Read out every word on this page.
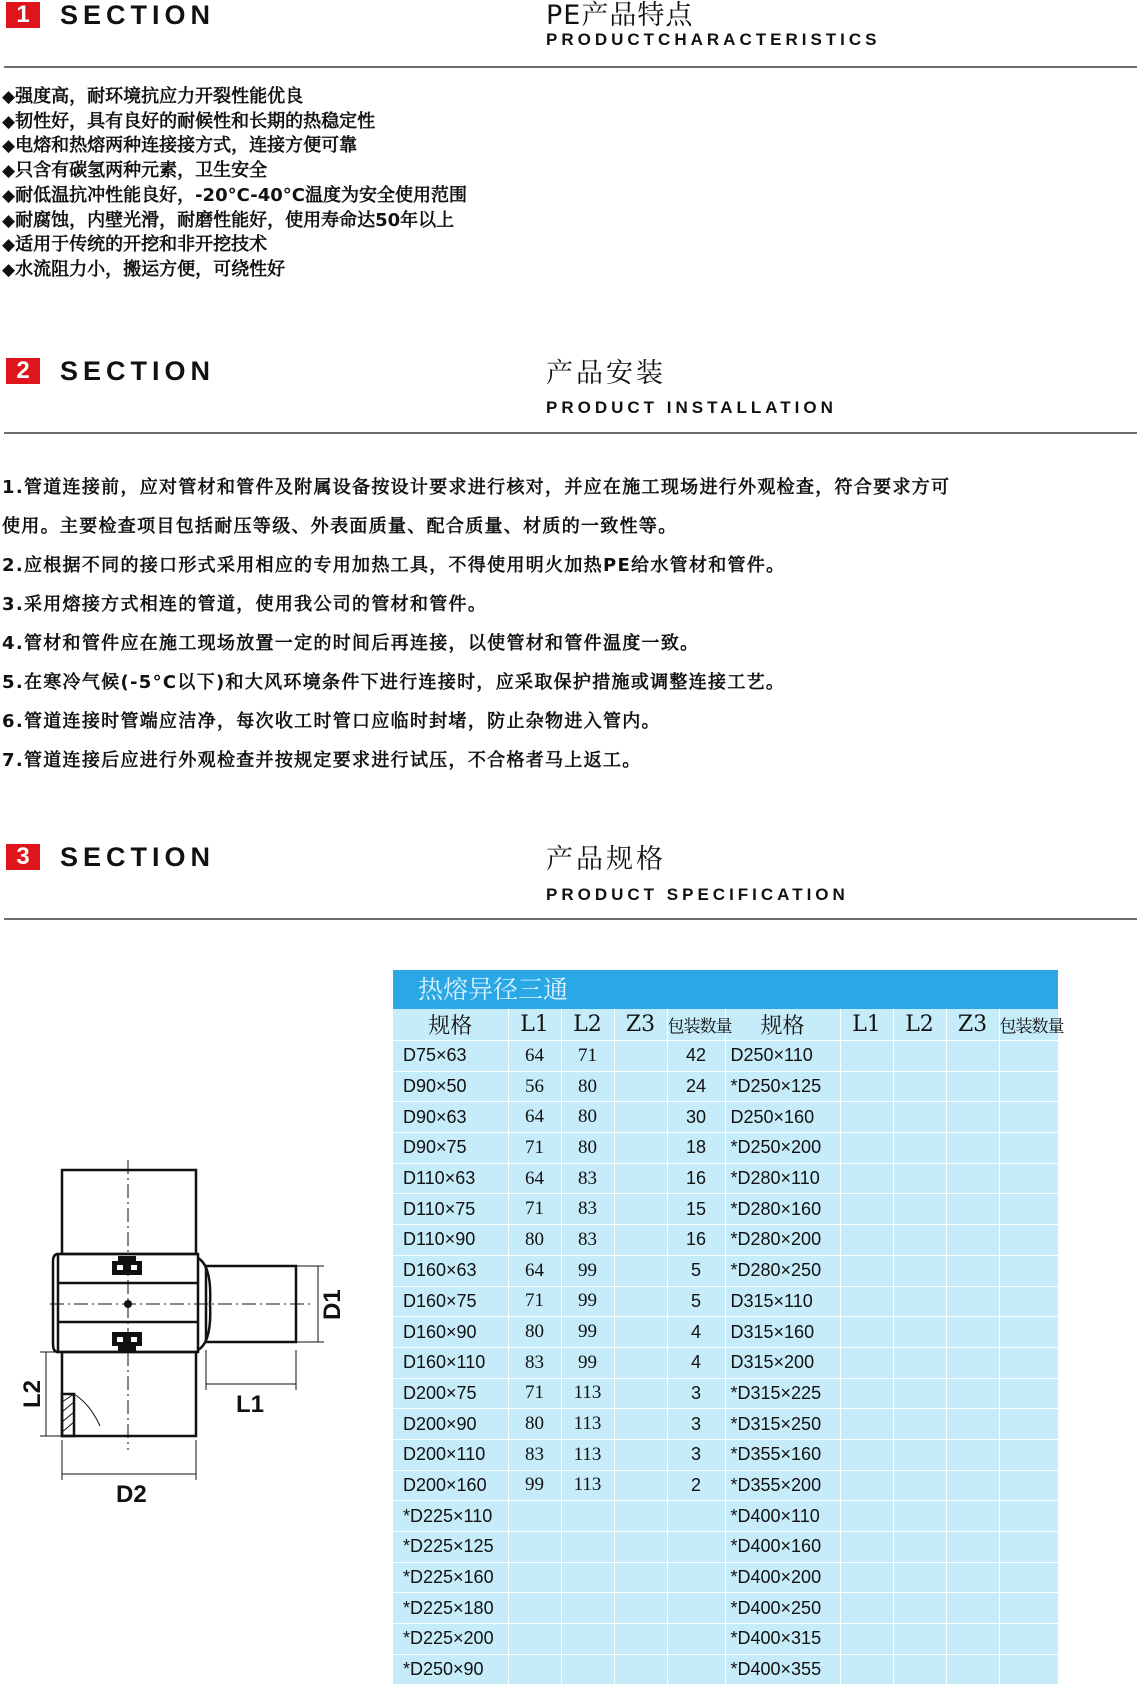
1	SECTION	PE产品特点
PRODUCTCHARACTERISTICS
◆强度高，耐环境抗应力开裂性能优良
◆韧性好，具有良好的耐候性和长期的热稳定性
◆电熔和热熔两种连接接方式，连接方便可靠
◆只含有碳氢两种元素，卫生安全
◆耐低温抗冲性能良好，-20°C-40°C温度为安全使用范围
◆耐腐蚀，内壁光滑，耐磨性能好，使用寿命达50年以上
◆适用于传统的开挖和非开挖技术
◆水流阻力小，搬运方便，可绕性好
2	SECTION	产品安装
PRODUCT INSTALLATION
1.管道连接前，应对管材和管件及附属设备按设计要求进行核对，并应在施工现场进行外观检查，符合要求方可
使用。主要检查项目包括耐压等级、外表面质量、配合质量、材质的一致性等。
2.应根据不同的接口形式采用相应的专用加热工具，不得使用明火加热PE给水管材和管件。
3.采用熔接方式相连的管道，使用我公司的管材和管件。
4.管材和管件应在施工现场放置一定的时间后再连接，以使管材和管件温度一致。
5.在寒冷气候(-5°C以下)和大风环境条件下进行连接时，应采取保护措施或调整连接工艺。
6.管道连接时管端应洁净，每次收工时管口应临时封堵，防止杂物进入管内。
7.管道连接后应进行外观检查并按规定要求进行试压，不合格者马上返工。
3	SECTION	产品规格
PRODUCT SPECIFICATION
D1
L1
L2
D2
热熔异径三通
规格	L1	L2	Z3	包装数量	规格	L1	L2	Z3	包装数量
D75×63	64	71		42	D250×110				
D90×50	56	80		24	*D250×125				
D90×63	64	80		30	D250×160				
D90×75	71	80		18	*D250×200				
D110×63	64	83		16	*D280×110				
D110×75	71	83		15	*D280×160				
D110×90	80	83		16	*D280×200				
D160×63	64	99		5	*D280×250				
D160×75	71	99		5	D315×110				
D160×90	80	99		4	D315×160				
D160×110	83	99		4	D315×200				
D200×75	71	113		3	*D315×225				
D200×90	80	113		3	*D315×250				
D200×110	83	113		3	*D355×160				
D200×160	99	113		2	*D355×200				
*D225×110					*D400×110				
*D225×125					*D400×160				
*D225×160					*D400×200				
*D225×180					*D400×250				
*D225×200					*D400×315				
*D250×90					*D400×355				
